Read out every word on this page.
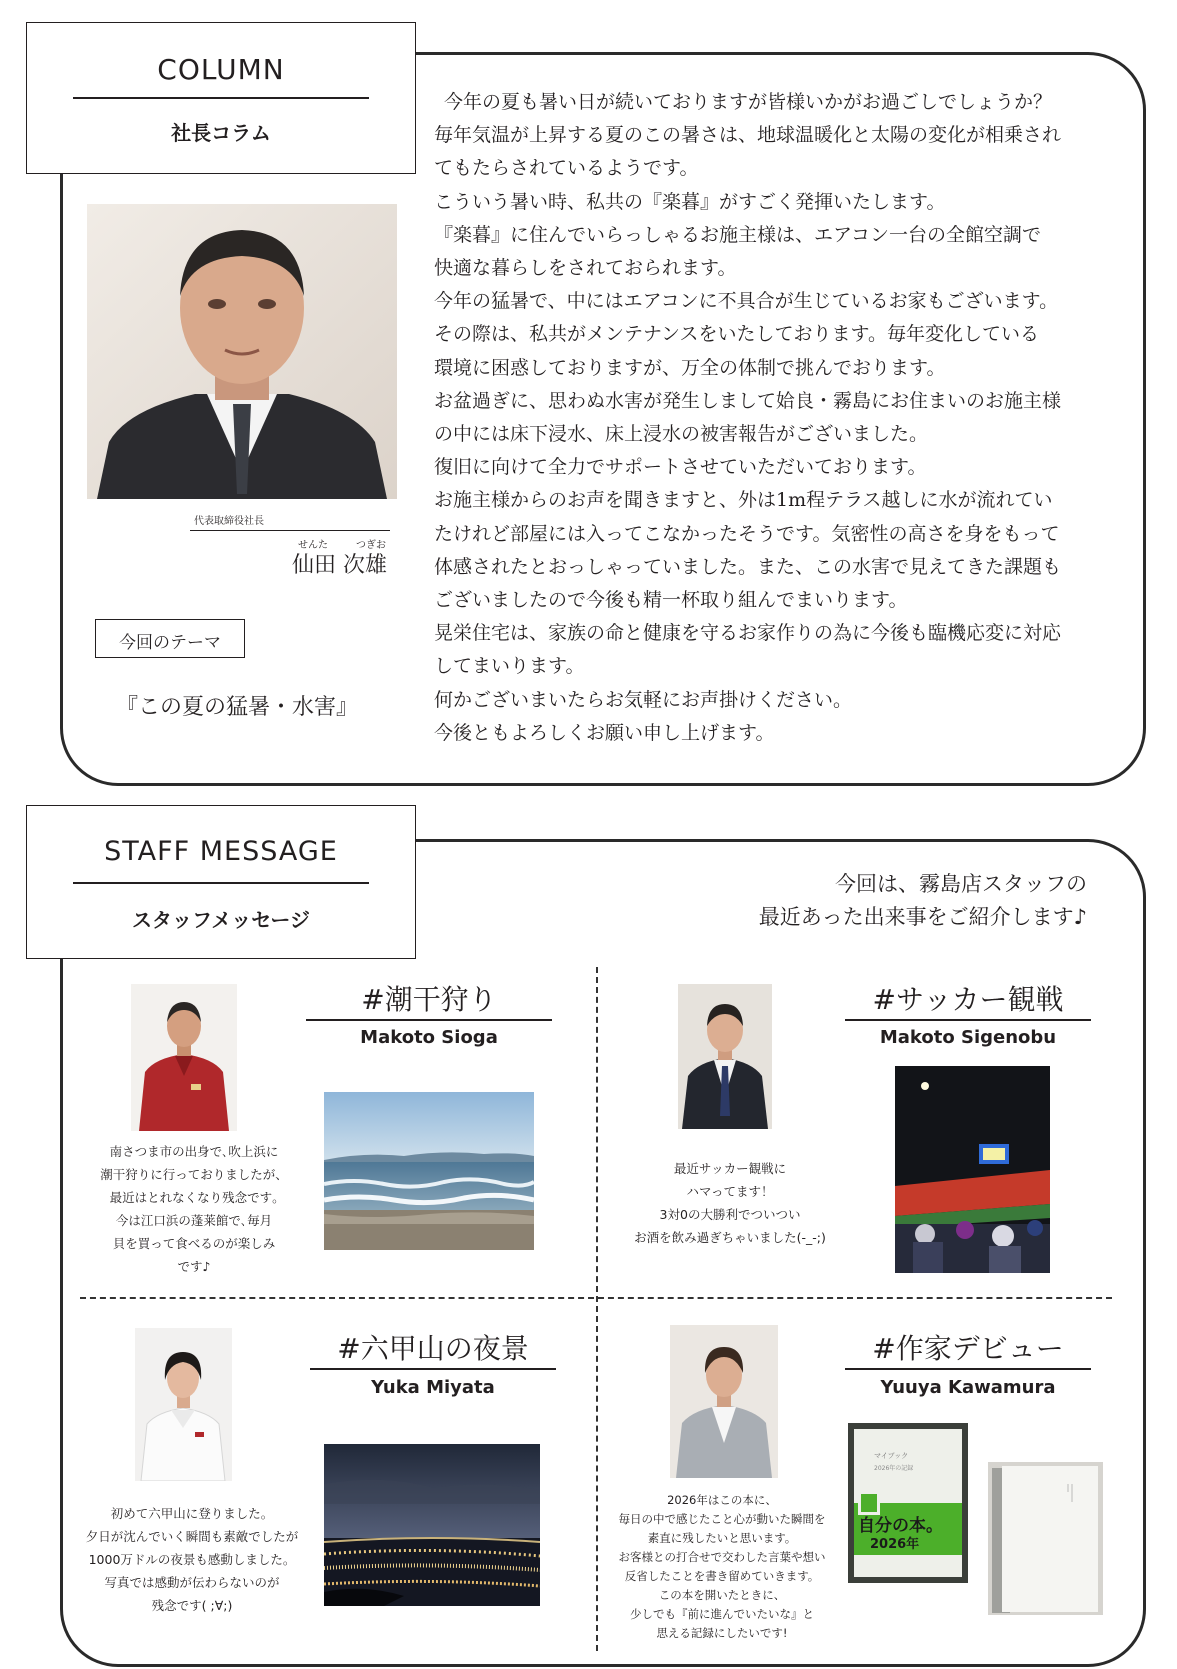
COLUMN
社長コラム
代表取締役社長
せんた	つぎお
仙田 次雄
今回のテーマ
『この夏の猛暑・水害』

今年の夏も暑い日が続いておりますが皆様いかがお過ごしでしょうか？

毎年気温が上昇する夏のこの暑さは、地球温暖化と太陽の変化が相乗され

てもたらされているようです。

こういう暑い時、私共の『楽暮』がすごく発揮いたします。

『楽暮』に住んでいらっしゃるお施主様は、エアコン一台の全館空調で

快適な暮らしをされておられます。

今年の猛暑で、中にはエアコンに不具合が生じているお家もございます。

その際は、私共がメンテナンスをいたしております。毎年変化している

環境に困惑しておりますが、万全の体制で挑んでおります。

お盆過ぎに、思わぬ水害が発生しまして姶良・霧島にお住まいのお施主様

の中には床下浸水、床上浸水の被害報告がございました。

復旧に向けて全力でサポートさせていただいております。

お施主様からのお声を聞きますと、外は1m程テラス越しに水が流れてい

たけれど部屋には入ってこなかったそうです。気密性の高さを身をもって

体感されたとおっしゃっていました。また、この水害で見えてきた課題も

ございましたので今後も精一杯取り組んでまいります。

晃栄住宅は、家族の命と健康を守るお家作りの為に今後も臨機応変に対応

してまいります。

何かございまいたらお気軽にお声掛けください。

今後ともよろしくお願い申し上げます。

STAFF MESSAGE
スタッフメッセージ
今回は、霧島店スタッフの
最近あった出来事をご紹介します♪
#潮干狩り
Makoto Sioga

南さつま市の出身で､吹上浜に

潮干狩りに行っておりましたが、

最近はとれなくなり残念です｡

今は江口浜の蓬莱館で､毎月

貝を買って食べるのが楽しみ

です♪

#サッカー観戦
Makoto Sigenobu

最近サッカー観戦に

ハマってます！

3対0の大勝利でついつい

お酒を飲み過ぎちゃいました(-_-;)

#六甲山の夜景
Yuka Miyata

初めて六甲山に登りました。

夕日が沈んでいく瞬間も素敵でしたが

1000万ドルの夜景も感動しました。

写真では感動が伝わらないのが

残念です( ;∀;)

#作家デビュー
Yuuya Kawamura
マイブック
2026年の記録
自分の本。
2026年

2026年はこの本に、

毎日の中で感じたこと心が動いた瞬間を

素直に残したいと思います。

お客様との打合せで交わした言葉や想い

反省したことを書き留めていきます。

この本を開いたときに、

少しでも『前に進んでいたいな』と

思える記録にしたいです!
